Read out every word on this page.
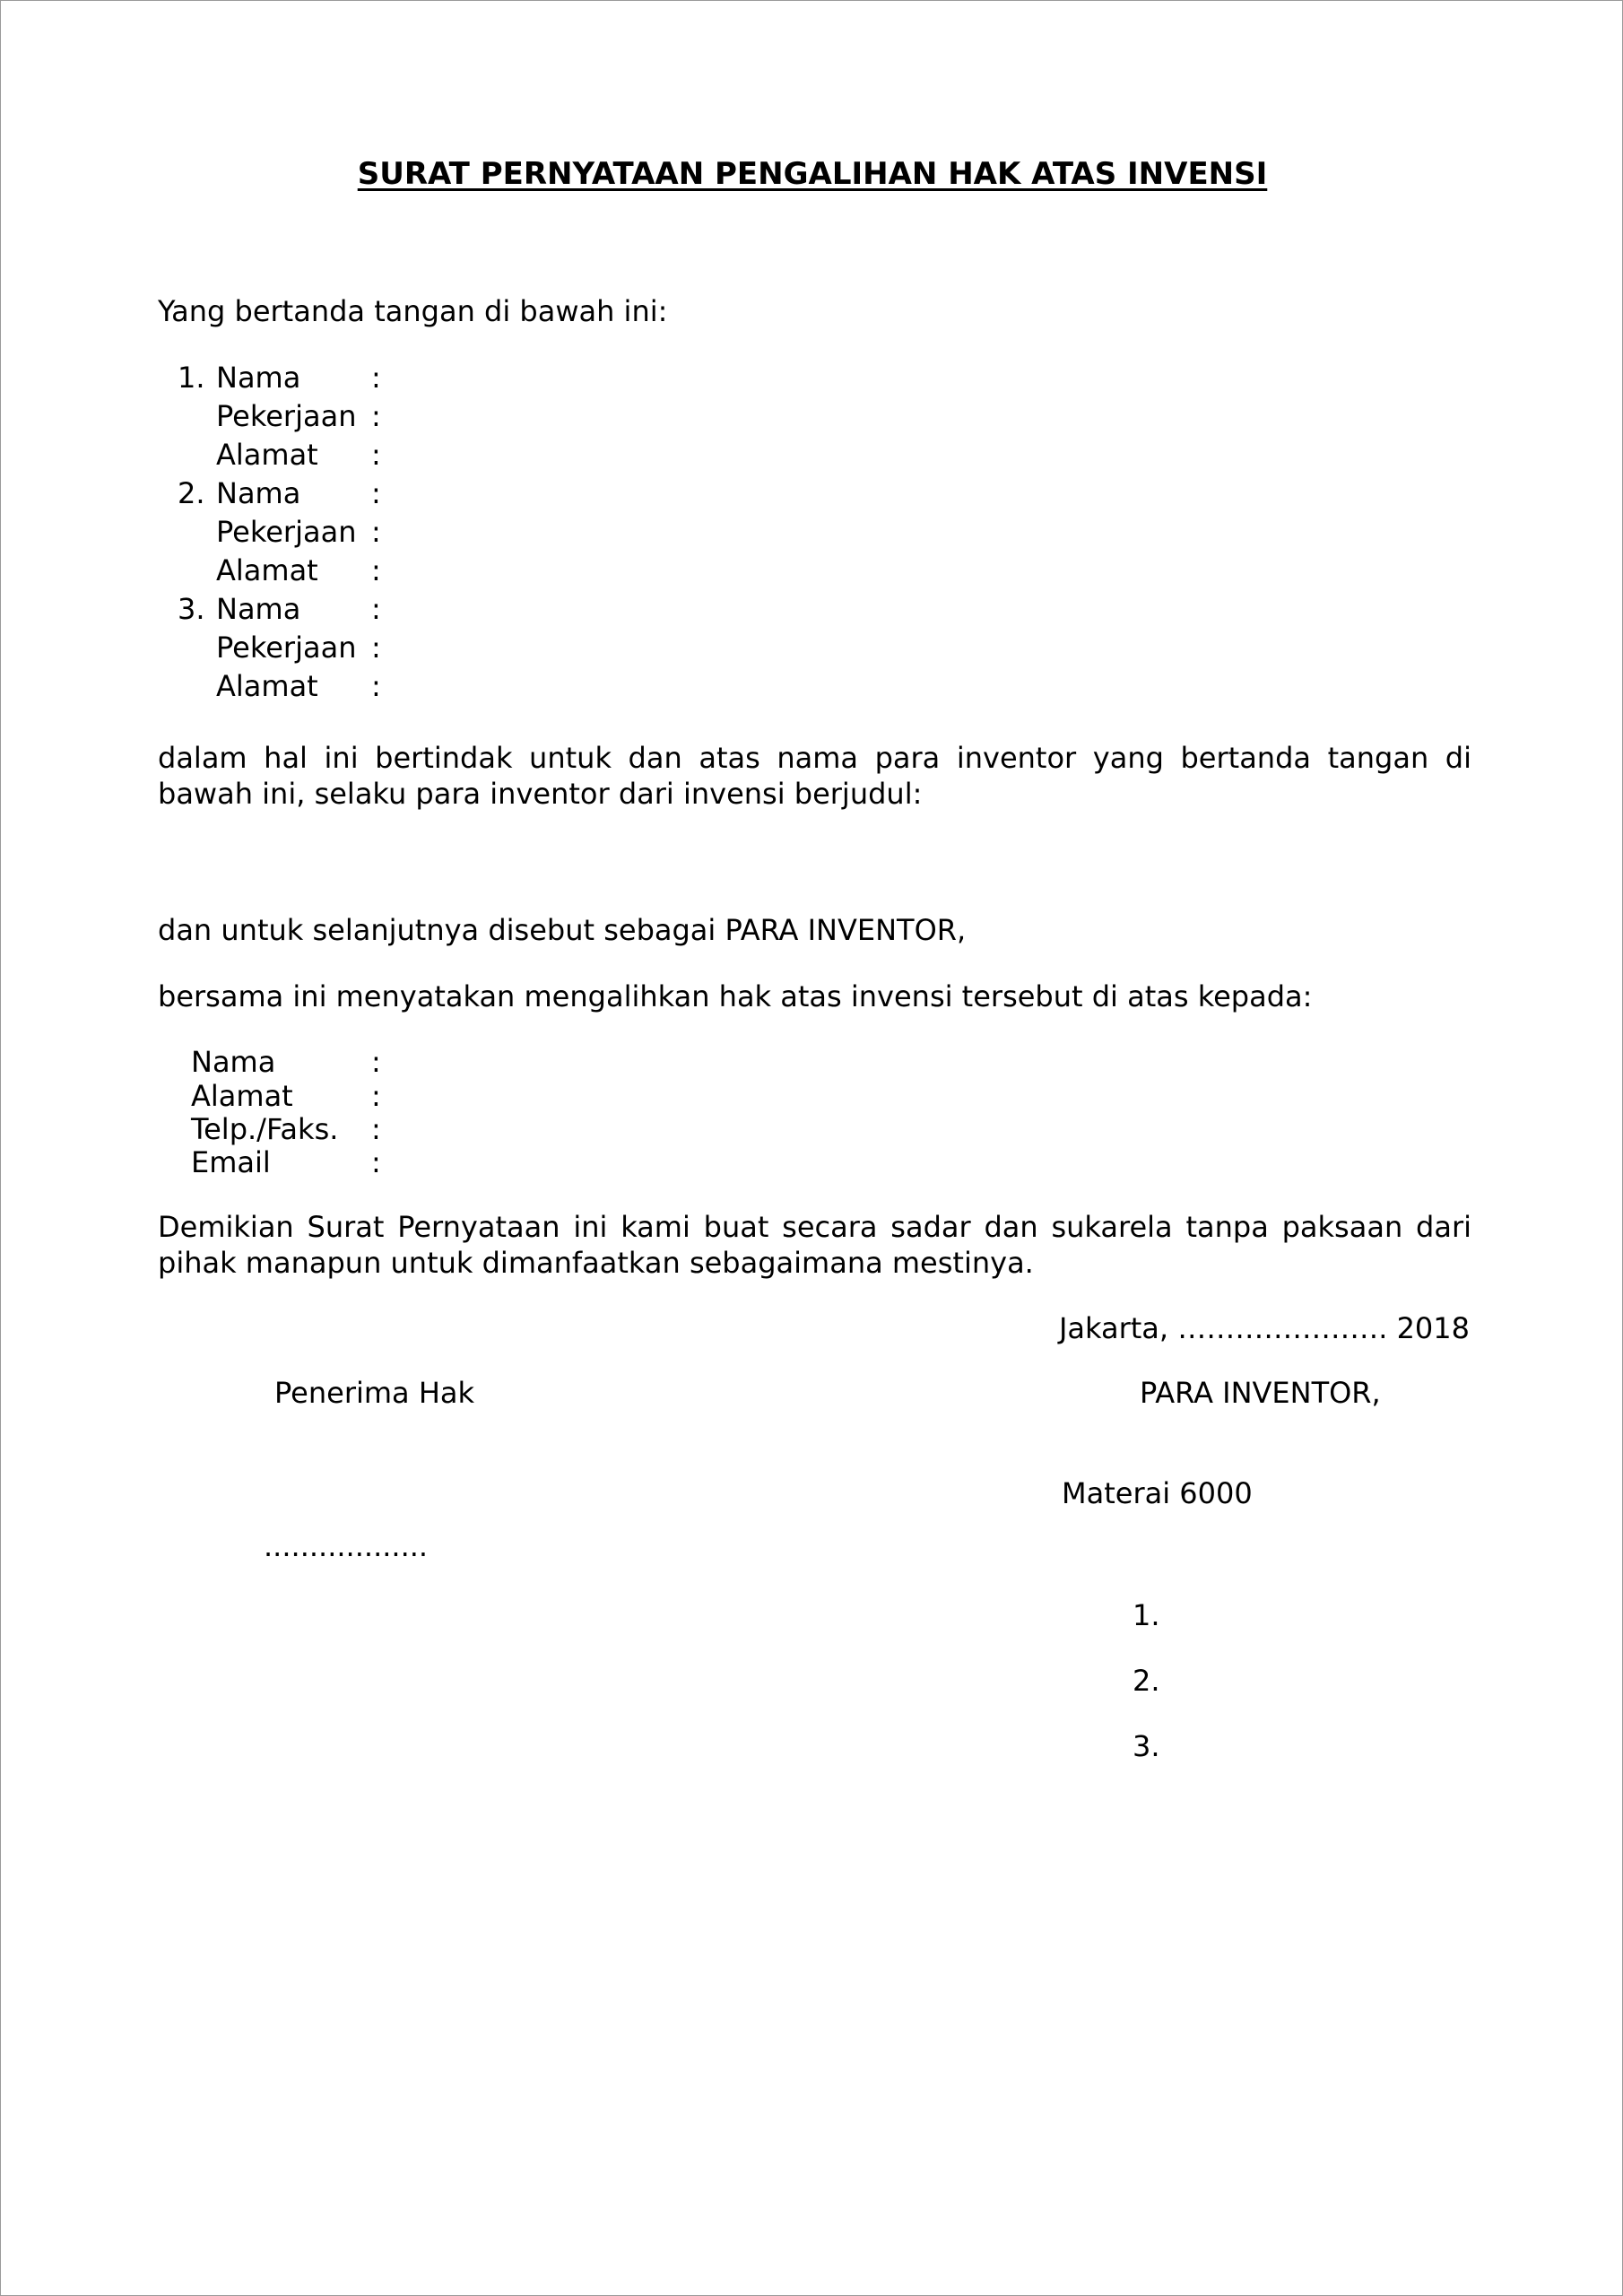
SURAT PERNYATAAN PENGALIHAN HAK ATAS INVENSI
Yang bertanda tangan di bawah ini:
1. Nama :
Pekerjaan :
Alamat :
2. Nama :
Pekerjaan :
Alamat :
3. Nama :
Pekerjaan :
Alamat :
dalam hal ini bertindak untuk dan atas nama para inventor yang bertanda tangan di bawah ini, selaku para inventor dari invensi berjudul:
dan untuk selanjutnya disebut sebagai PARA INVENTOR,
bersama ini menyatakan mengalihkan hak atas invensi tersebut di atas kepada:
Nama	:
Alamat	:
Telp./Faks. :
Email	:
Demikian Surat Pernyataan ini kami buat secara sadar dan sukarela tanpa paksaan dari pihak manapun untuk dimanfaatkan sebagaimana mestinya.
Jakarta, …………………. 2018
Penerima Hak	PARA INVENTOR,
Materai 6000
..................
1.
2.
3.
